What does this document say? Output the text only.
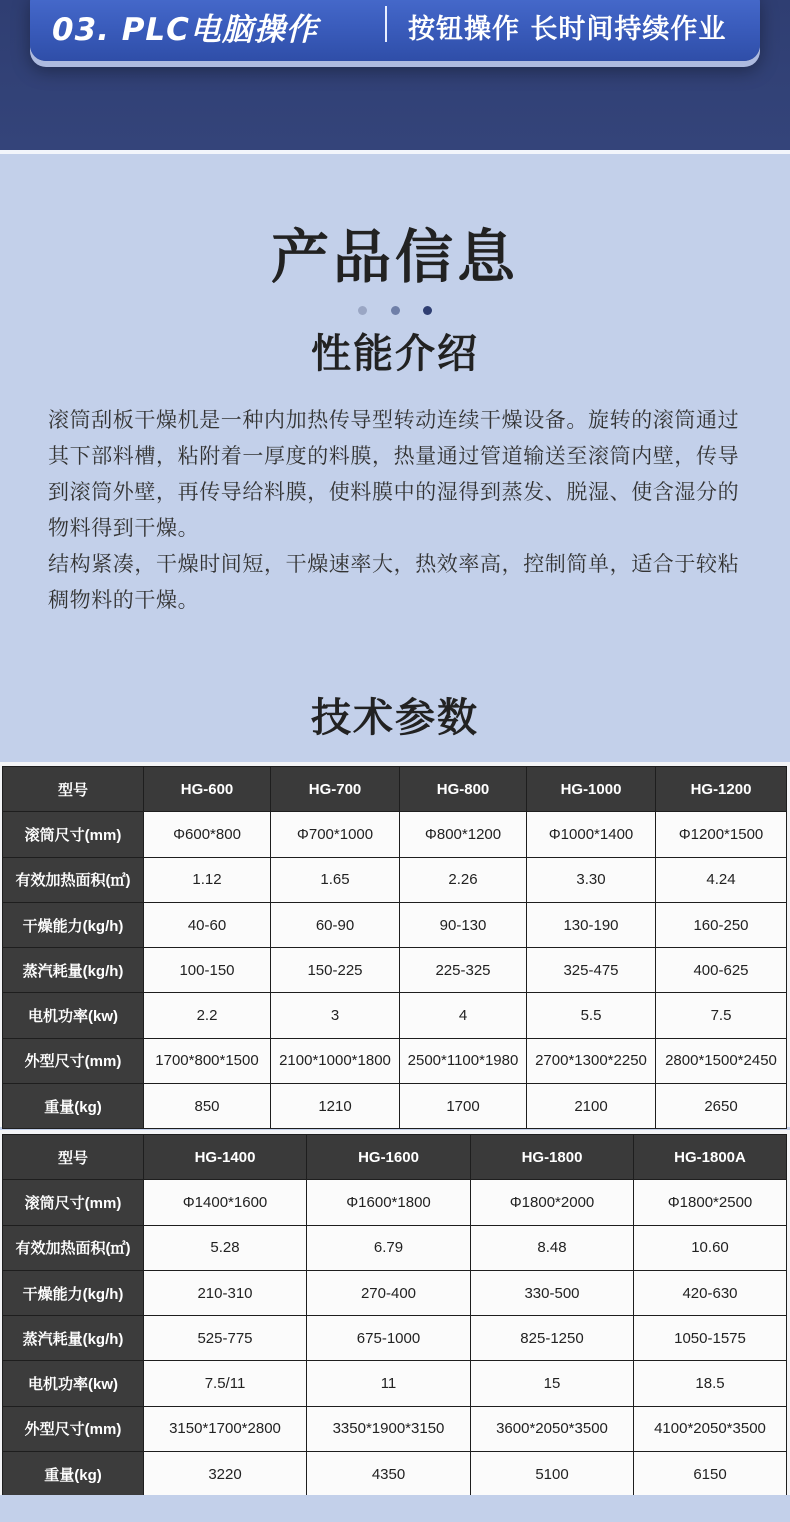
03. PLC电脑操作	按钮操作 长时间持续作业
产品信息

性能介绍

滚筒刮板干燥机是一种内加热传导型转动连续干燥设备。旋转的滚筒通过其下部料槽，粘附着一厚度的料膜，热量通过管道输送至滚筒内壁，传导到滚筒外壁，再传导给料膜，使料膜中的湿得到蒸发、脱湿、使含湿分的物料得到干燥。

结构紧凑，干燥时间短，干燥速率大，热效率高，控制简单，适合于较粘稠物料的干燥。

技术参数
型号	HG-600	HG-700	HG-800	HG-1000	HG-1200
滚筒尺寸(mm)	Φ600*800	Φ700*1000	Φ800*1200	Φ1000*1400	Φ1200*1500
有效加热面积(㎡)	1.12	1.65	2.26	3.30	4.24
干燥能力(kg/h)	40-60	60-90	90-130	130-190	160-250
蒸汽耗量(kg/h)	100-150	150-225	225-325	325-475	400-625
电机功率(kw)	2.2	3	4	5.5	7.5
外型尺寸(mm)	1700*800*1500	2100*1000*1800	2500*1100*1980	2700*1300*2250	2800*1500*2450
重量(kg)	850	1210	1700	2100	2650
型号	HG-1400	HG-1600	HG-1800	HG-1800A
滚筒尺寸(mm)	Φ1400*1600	Φ1600*1800	Φ1800*2000	Φ1800*2500
有效加热面积(㎡)	5.28	6.79	8.48	10.60
干燥能力(kg/h)	210-310	270-400	330-500	420-630
蒸汽耗量(kg/h)	525-775	675-1000	825-1250	1050-1575
电机功率(kw)	7.5/11	11	15	18.5
外型尺寸(mm)	3150*1700*2800	3350*1900*3150	3600*2050*3500	4100*2050*3500
重量(kg)	3220	4350	5100	6150
